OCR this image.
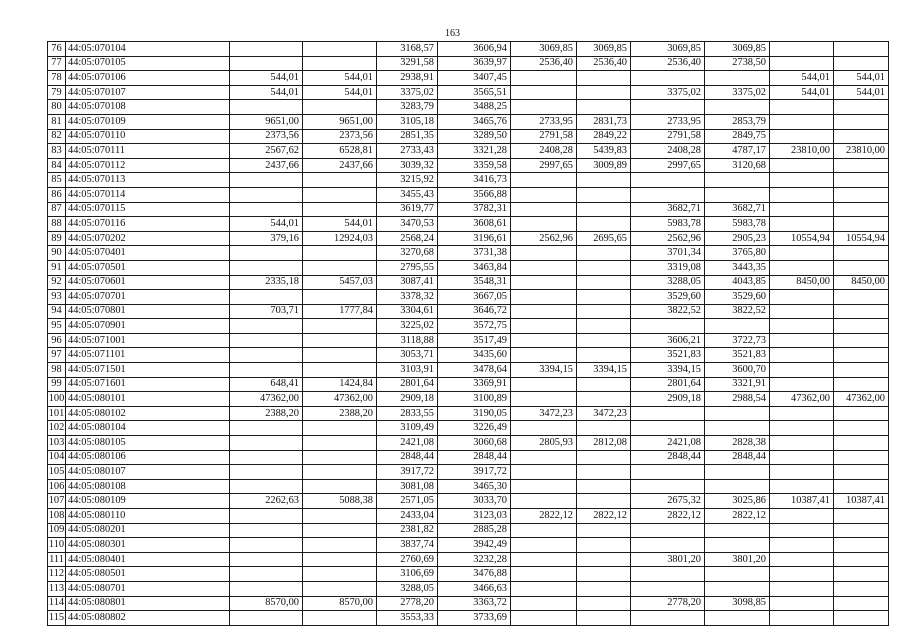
163
76	44:05:070104			3168,57	3606,94	3069,85	3069,85	3069,85	3069,85		
77	44:05:070105			3291,58	3639,97	2536,40	2536,40	2536,40	2738,50		
78	44:05:070106	544,01	544,01	2938,91	3407,45					544,01	544,01
79	44:05:070107	544,01	544,01	3375,02	3565,51			3375,02	3375,02	544,01	544,01
80	44:05:070108			3283,79	3488,25						
81	44:05:070109	9651,00	9651,00	3105,18	3465,76	2733,95	2831,73	2733,95	2853,79		
82	44:05:070110	2373,56	2373,56	2851,35	3289,50	2791,58	2849,22	2791,58	2849,75		
83	44:05:070111	2567,62	6528,81	2733,43	3321,28	2408,28	5439,83	2408,28	4787,17	23810,00	23810,00
84	44:05:070112	2437,66	2437,66	3039,32	3359,58	2997,65	3009,89	2997,65	3120,68		
85	44:05:070113			3215,92	3416,73						
86	44:05:070114			3455,43	3566,88						
87	44:05:070115			3619,77	3782,31			3682,71	3682,71		
88	44:05:070116	544,01	544,01	3470,53	3608,61			5983,78	5983,78		
89	44:05:070202	379,16	12924,03	2568,24	3196,61	2562,96	2695,65	2562,96	2905,23	10554,94	10554,94
90	44:05:070401			3270,68	3731,38			3701,34	3765,80		
91	44:05:070501			2795,55	3463,84			3319,08	3443,35		
92	44:05:070601	2335,18	5457,03	3087,41	3548,31			3288,05	4043,85	8450,00	8450,00
93	44:05:070701			3378,32	3667,05			3529,60	3529,60		
94	44:05:070801	703,71	1777,84	3304,61	3646,72			3822,52	3822,52		
95	44:05:070901			3225,02	3572,75						
96	44:05:071001			3118,88	3517,49			3606,21	3722,73		
97	44:05:071101			3053,71	3435,60			3521,83	3521,83		
98	44:05:071501			3103,91	3478,64	3394,15	3394,15	3394,15	3600,70		
99	44:05:071601	648,41	1424,84	2801,64	3369,91			2801,64	3321,91		
100	44:05:080101	47362,00	47362,00	2909,18	3100,89			2909,18	2988,54	47362,00	47362,00
101	44:05:080102	2388,20	2388,20	2833,55	3190,05	3472,23	3472,23				
102	44:05:080104			3109,49	3226,49						
103	44:05:080105			2421,08	3060,68	2805,93	2812,08	2421,08	2828,38		
104	44:05:080106			2848,44	2848,44			2848,44	2848,44		
105	44:05:080107			3917,72	3917,72						
106	44:05:080108			3081,08	3465,30						
107	44:05:080109	2262,63	5088,38	2571,05	3033,70			2675,32	3025,86	10387,41	10387,41
108	44:05:080110			2433,04	3123,03	2822,12	2822,12	2822,12	2822,12		
109	44:05:080201			2381,82	2885,28						
110	44:05:080301			3837,74	3942,49						
111	44:05:080401			2760,69	3232,28			3801,20	3801,20		
112	44:05:080501			3106,69	3476,88						
113	44:05:080701			3288,05	3466,63						
114	44:05:080801	8570,00	8570,00	2778,20	3363,72			2778,20	3098,85		
115	44:05:080802			3553,33	3733,69						
